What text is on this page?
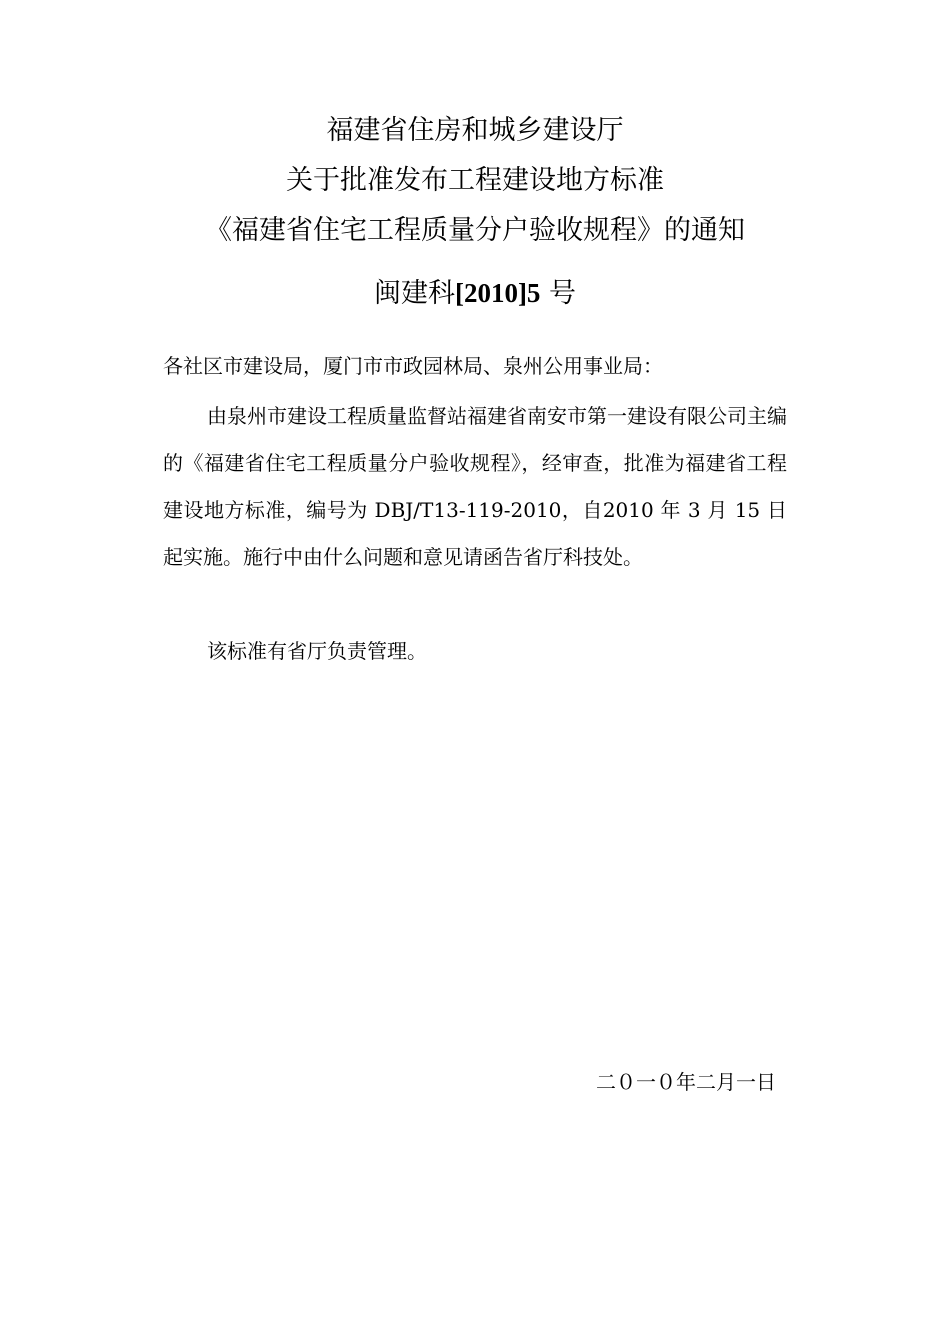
福建省住房和城乡建设厅
关于批准发布工程建设地方标准
《福建省住宅工程质量分户验收规程》的通知
闽建科[2010]5 号
各社区市建设局，厦门市市政园林局、泉州公用事业局：
由泉州市建设工程质量监督站福建省南安市第一建设有限公司主编的《福建省住宅工程质量分户验收规程》，经审查，批准为福建省工程建设地方标准，编号为 DBJ/T13-119-2010，自2010 年 3 月 15 日起实施。施行中由什么问题和意见请函告省厅科技处。
该标准有省厅负责管理。
二０一０年二月一日
